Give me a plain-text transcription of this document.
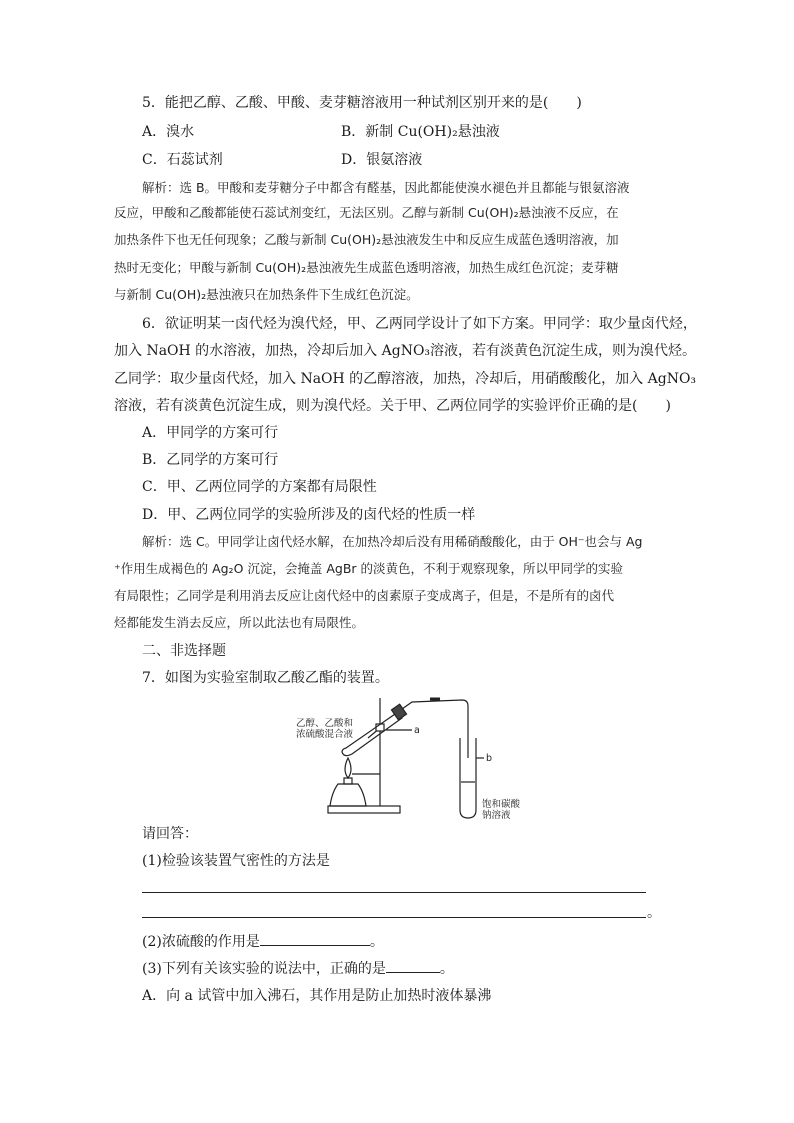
5．能把乙醇、乙酸、甲酸、麦芽糖溶液用一种试剂区别开来的是(　　)
A．溴水	B．新制 Cu(OH)₂悬浊液
C．石蕊试剂	D．银氨溶液
解析：选 B。甲酸和麦芽糖分子中都含有醛基，因此都能使溴水褪色并且都能与银氨溶液
反应，甲酸和乙酸都能使石蕊试剂变红，无法区别。乙醇与新制 Cu(OH)₂悬浊液不反应，在
加热条件下也无任何现象；乙酸与新制 Cu(OH)₂悬浊液发生中和反应生成蓝色透明溶液，加
热时无变化；甲酸与新制 Cu(OH)₂悬浊液先生成蓝色透明溶液，加热生成红色沉淀；麦芽糖
与新制 Cu(OH)₂悬浊液只在加热条件下生成红色沉淀。
6．欲证明某一卤代烃为溴代烃，甲、乙两同学设计了如下方案。甲同学：取少量卤代烃，
加入 NaOH 的水溶液，加热，冷却后加入 AgNO₃溶液，若有淡黄色沉淀生成，则为溴代烃。
乙同学：取少量卤代烃，加入 NaOH 的乙醇溶液，加热，冷却后，用硝酸酸化，加入 AgNO₃
溶液，若有淡黄色沉淀生成，则为溴代烃。关于甲、乙两位同学的实验评价正确的是(　　)
A．甲同学的方案可行
B．乙同学的方案可行
C．甲、乙两位同学的方案都有局限性
D．甲、乙两位同学的实验所涉及的卤代烃的性质一样
解析：选 C。甲同学让卤代烃水解，在加热冷却后没有用稀硝酸酸化，由于 OH⁻也会与 Ag
⁺作用生成褐色的 Ag₂O 沉淀，会掩盖 AgBr 的淡黄色，不利于观察现象，所以甲同学的实验
有局限性；乙同学是利用消去反应让卤代烃中的卤素原子变成离子，但是，不是所有的卤代
烃都能发生消去反应，所以此法也有局限性。
二、非选择题
7．如图为实验室制取乙酸乙酯的装置。
乙醇、乙酸和
浓硫酸混合液	a
b
饱和碳酸
钠溶液
请回答：
(1)检验该装置气密性的方法是
。
(2)浓硫酸的作用是	。
(3)下列有关该实验的说法中，正确的是	。
A．向 a 试管中加入沸石，其作用是防止加热时液体暴沸
